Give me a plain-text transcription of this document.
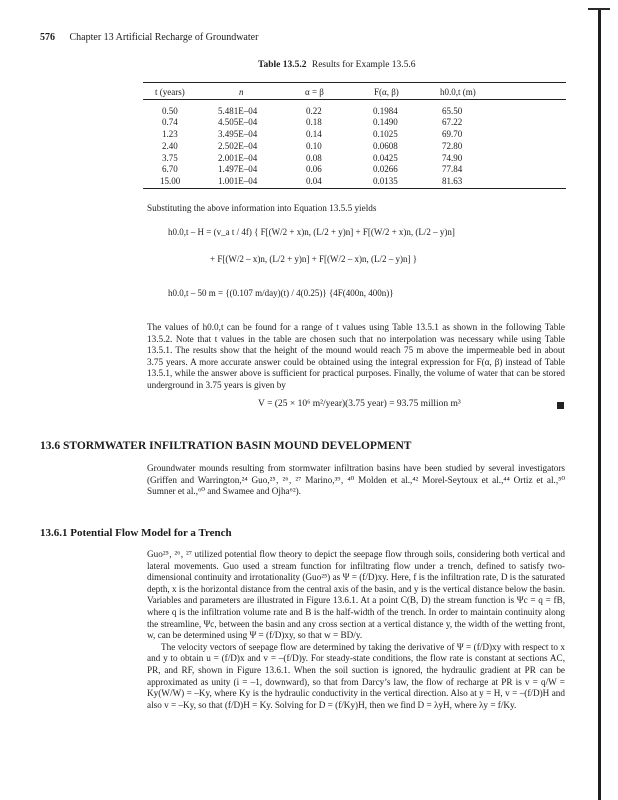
576 Chapter 13 Artificial Recharge of Groundwater
Table 13.5.2 Results for Example 13.5.6
t (years)	n	α = β	F(α, β)	h0.0,t (m)
0.50	5.481E–04	0.22	0.1984	65.50
0.74	4.505E–04	0.18	0.1490	67.22
1.23	3.495E–04	0.14	0.1025	69.70
2.40	2.502E–04	0.10	0.0608	72.80
3.75	2.001E–04	0.08	0.0425	74.90
6.70	1.497E–04	0.06	0.0266	77.84
15.00	1.001E–04	0.04	0.0135	81.63
Substituting the above information into Equation 13.5.5 yields
h0.0,t – H = (v_a t / 4f) { F[(W/2 + x)n, (L/2 + y)n] + F[(W/2 + x)n, (L/2 – y)n]
+ F[(W/2 – x)n, (L/2 + y)n] + F[(W/2 – x)n, (L/2 – y)n] }
h0.0,t – 50 m = {(0.107 m/day)(t) / 4(0.25)} {4F(400n, 400n)}

The values of h0.0,t can be found for a range of t values using Table 13.5.1 as shown in the following Table 13.5.2. Note that t values in the table are chosen such that no interpolation was necessary while using Table 13.5.1. The results show that the height of the mound would reach 75 m above the impermeable bed in about 3.75 years. A more accurate answer could be obtained using the integral expression for F(α, β) instead of Table 13.5.1, while the answer above is sufficient for practical purposes. Finally, the volume of water that can be stored underground in 3.75 years is given by

V = (25 × 10⁶ m²/year)(3.75 year) = 93.75 million m³
13.6 STORMWATER INFILTRATION BASIN MOUND DEVELOPMENT

Groundwater mounds resulting from stormwater infiltration basins have been studied by several investigators (Griffen and Warrington,²⁴ Guo,²⁵‚ ²⁶‚ ²⁷ Marino,³⁹‚ ⁴⁰ Molden et al.,⁴² Morel-Seytoux et al.,⁴⁴ Ortiz et al.,⁵⁰ Sumner et al.,⁶⁰ and Swamee and Ojha⁶²).

13.6.1 Potential Flow Model for a Trench

Guo²⁵‚ ²⁶‚ ²⁷ utilized potential flow theory to depict the seepage flow through soils, considering both vertical and lateral movements. Guo used a stream function for infiltrating flow under a trench, defined to satisfy two-dimensional continuity and irrotationality (Guo²⁵) as Ψ = (f/D)xy. Here, f is the infiltration rate, D is the saturated depth, x is the horizontal distance from the central axis of the basin, and y is the vertical distance below the basin. Variables and parameters are illustrated in Figure 13.6.1. At a point C(B, D) the stream function is Ψc = q = fB, where q is the infiltration volume rate and B is the half-width of the trench. In order to maintain continuity along the streamline, Ψc, between the basin and any cross section at a vertical distance y, the width of the wetting front, w, can be determined using Ψ = (f/D)xy, so that w = BD/y.

The velocity vectors of seepage flow are determined by taking the derivative of Ψ = (f/D)xy with respect to x and y to obtain u = (f/D)x and v = –(f/D)y. For steady-state conditions, the flow rate is constant at sections AC, PR, and RF, shown in Figure 13.6.1. When the soil suction is ignored, the hydraulic gradient at PR can be approximated as unity (i = –1, downward), so that from Darcy’s law, the flow of recharge at PR is v = q/W = Ky(W/W) = –Ky, where Ky is the hydraulic conductivity in the vertical direction. Also at y = H, v = –(f/D)H and also v = –Ky, so that (f/D)H = Ky. Solving for D = (f/Ky)H, then we find D = λyH, where λy = f/Ky.
